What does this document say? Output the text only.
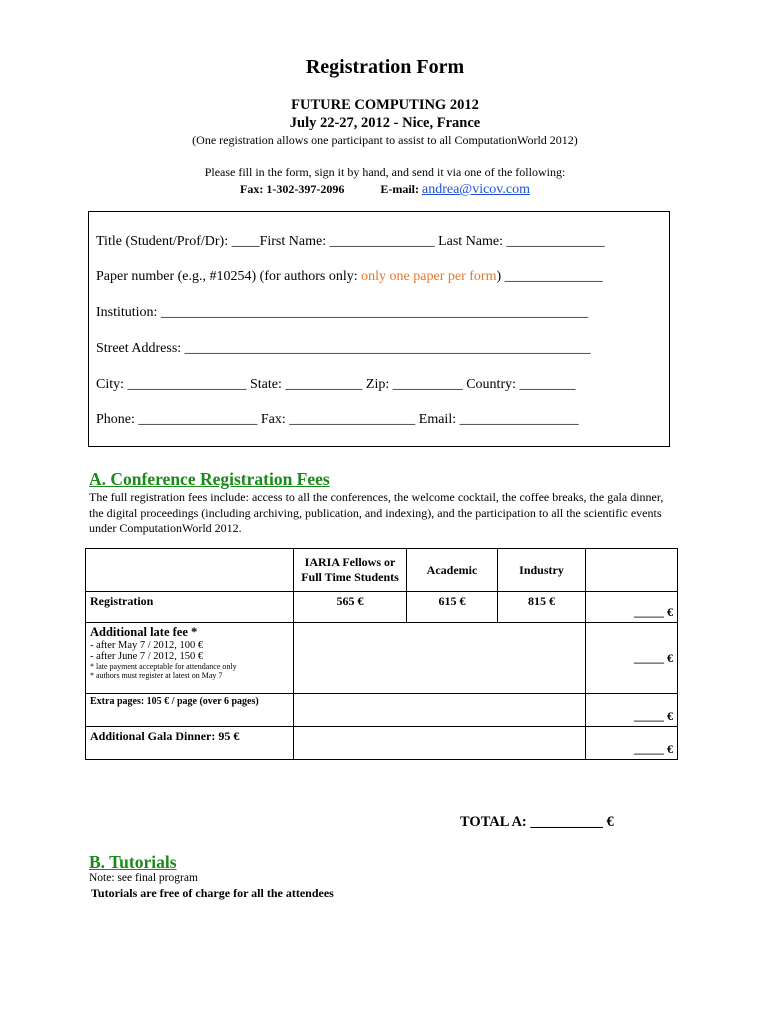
Registration Form
FUTURE COMPUTING 2012
July 22-27, 2012 - Nice, France
(One registration allows one participant to assist to all ComputationWorld 2012)
Please fill in the form, sign it by hand, and send it via one of the following:
Fax: 1-302-397-2096	E-mail: andrea@vicov.com
Title (Student/Prof/Dr): ____First Name: _______________ Last Name: ______________
Paper number (e.g., #10254) (for authors only: only one paper per form) ______________
Institution: _____________________________________________________________
Street Address: __________________________________________________________
City: _________________ State: ___________ Zip: __________ Country: ________
Phone: _________________ Fax: __________________ Email: _________________
A. Conference Registration Fees
The full registration fees include: access to all the conferences, the welcome cocktail, the coffee breaks, the gala dinner, the digital proceedings (including archiving, publication, and indexing), and the participation to all the scientific events under ComputationWorld 2012.
	IARIA Fellows or Full Time Students	Academic	Industry	
Registration	565 €	615 €	815 €	_____ €

Additional late fee *
- after May 7 / 2012, 100 €
- after June 7 / 2012, 150 €
* late payment acceptable for attendance only
* authors must register at latest on May 7				_____ €
Extra pages: 105 € / page (over 6 pages)				_____ €
Additional Gala Dinner: 95 €				_____ €
TOTAL A: __________ €
B. Tutorials
Note: see final program
Tutorials are free of charge for all the attendees
